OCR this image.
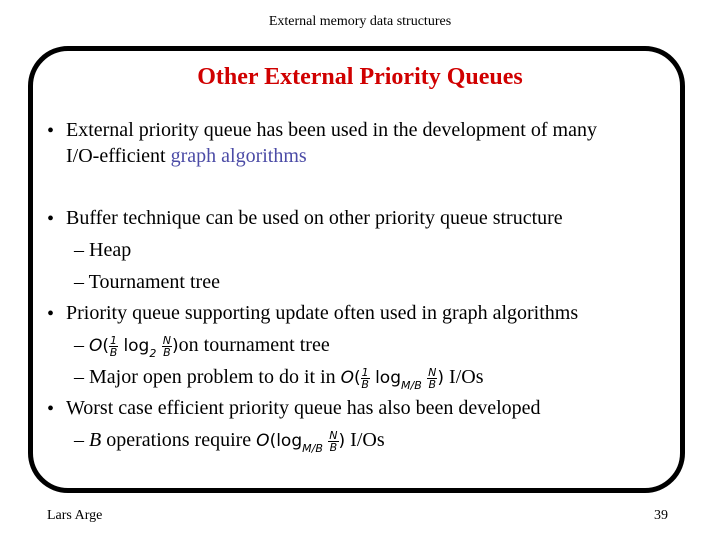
External memory data structures
Other External Priority Queues
• External priority queue has been used in the development of many
I/O-efficient graph algorithms
• Buffer technique can be used on other priority queue structure
– Heap
– Tournament tree
• Priority queue supporting update often used in graph algorithms
– $O( \frac{1}{B} \log_2 \frac{N}{B} )on$ tournament tree
– Major open problem to do it in $O( \frac{1}{B} \log_{M/B} \frac{N}{B}$ ) I/Os
• Worst case efficient priority queue has also been developed
– B operations require $O(\log_{M/B} \frac{N}{B}$ ) I/Os
Lars Arge	39
